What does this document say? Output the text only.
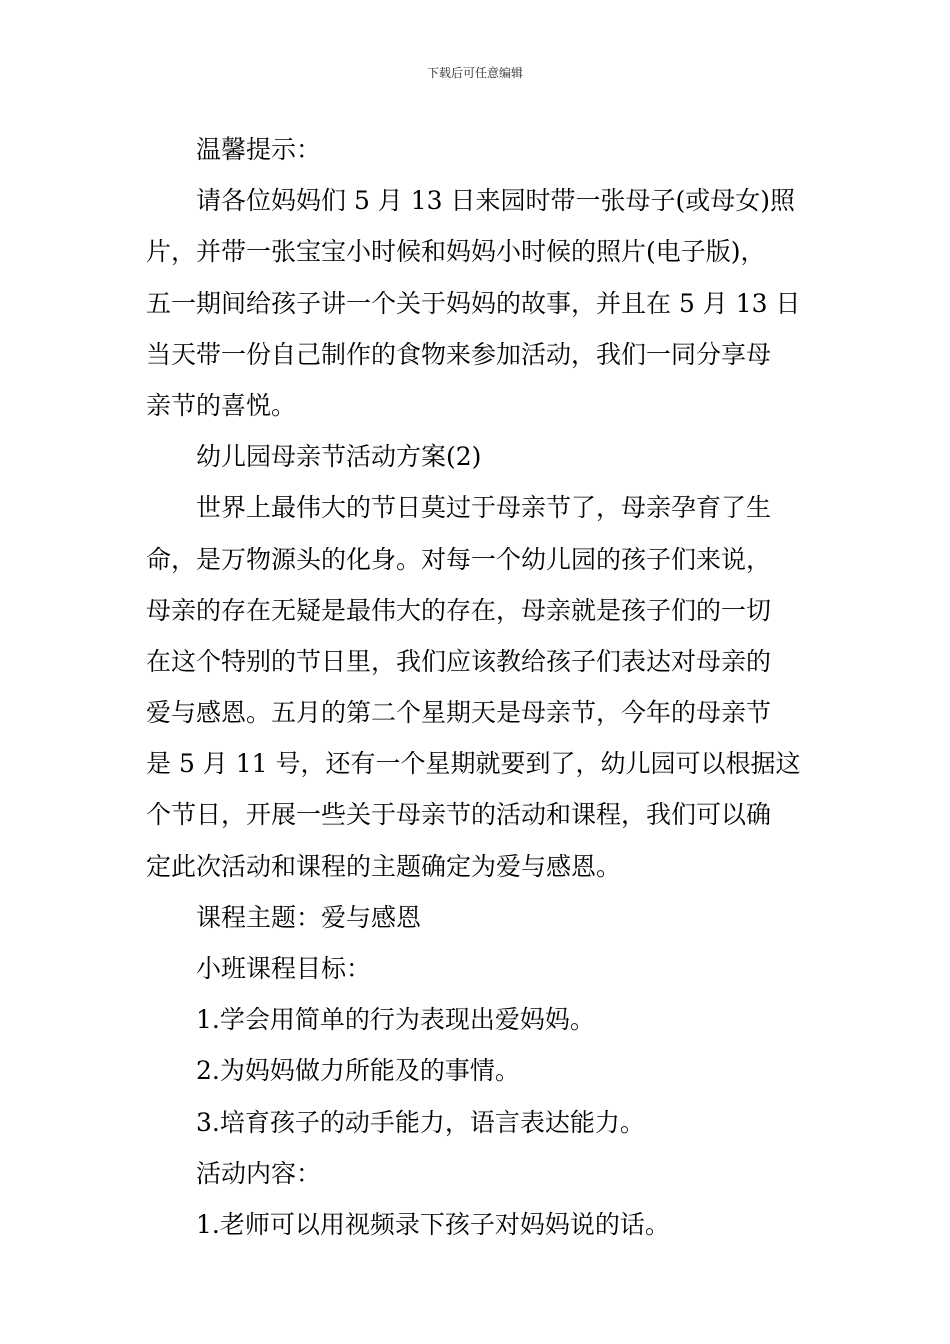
下载后可任意编辑
温馨提示：
请各位妈妈们 5 月 13 日来园时带一张母子(或母女)照
片，并带一张宝宝小时候和妈妈小时候的照片(电子版)，
五一期间给孩子讲一个关于妈妈的故事，并且在 5 月 13 日
当天带一份自己制作的食物来参加活动，我们一同分享母
亲节的喜悦。
幼儿园母亲节活动方案(2)
世界上最伟大的节日莫过于母亲节了，母亲孕育了生
命，是万物源头的化身。对每一个幼儿园的孩子们来说，
母亲的存在无疑是最伟大的存在，母亲就是孩子们的一切
在这个特别的节日里，我们应该教给孩子们表达对母亲的
爱与感恩。五月的第二个星期天是母亲节，今年的母亲节
是 5 月 11 号，还有一个星期就要到了，幼儿园可以根据这
个节日，开展一些关于母亲节的活动和课程，我们可以确
定此次活动和课程的主题确定为爱与感恩。
课程主题：爱与感恩
小班课程目标：
1.学会用简单的行为表现出爱妈妈。
2.为妈妈做力所能及的事情。
3.培育孩子的动手能力，语言表达能力。
活动内容：
1.老师可以用视频录下孩子对妈妈说的话。
